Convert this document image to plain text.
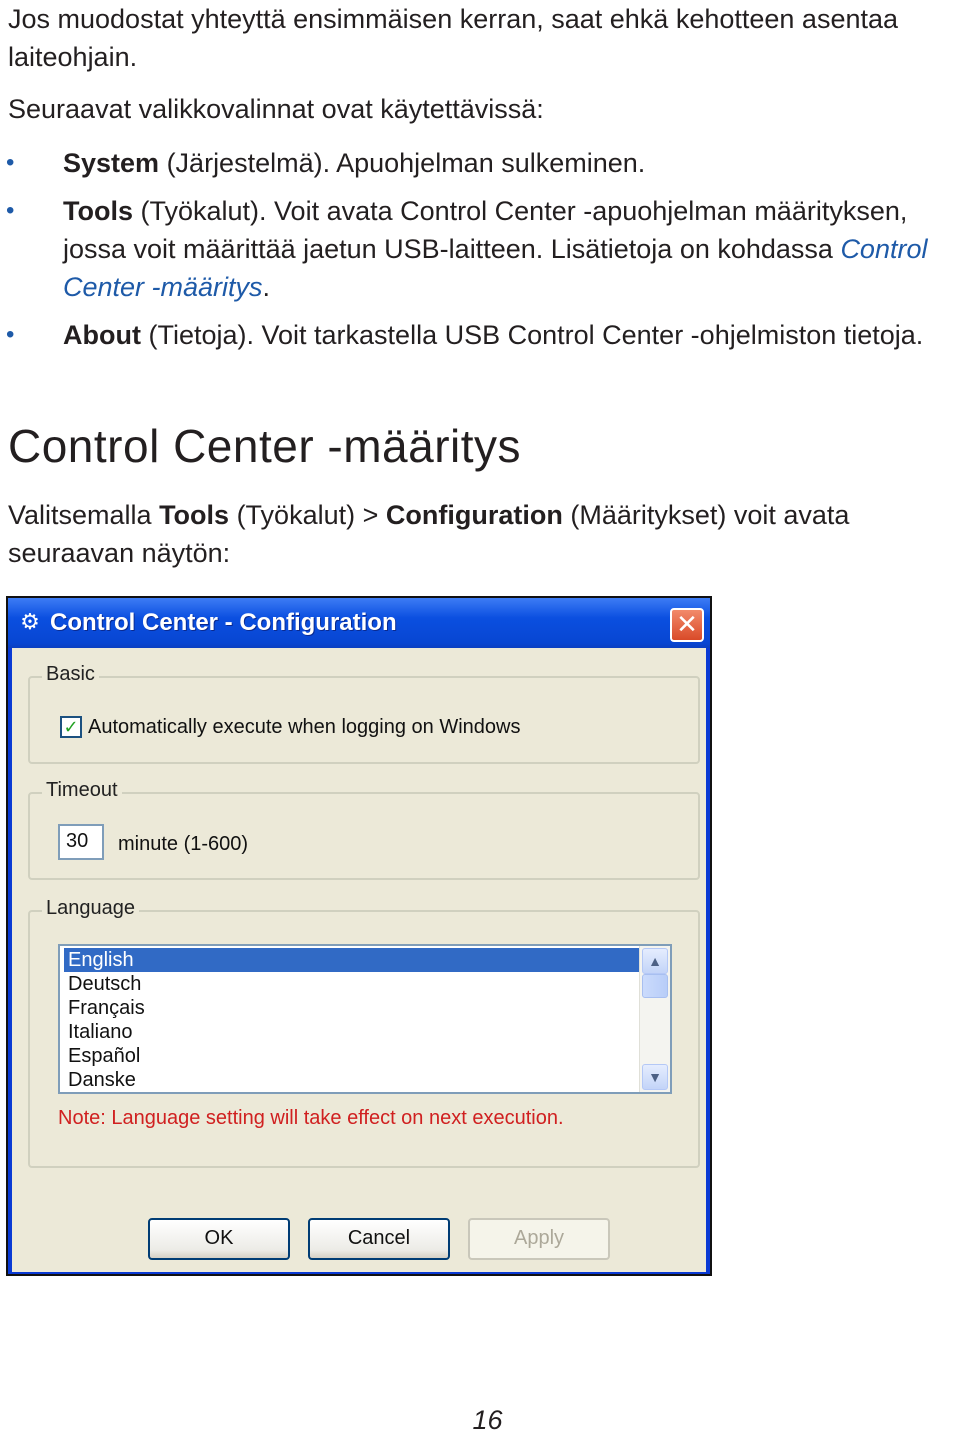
Jos muodostat yhteyttä ensimmäisen kerran, saat ehkä kehotteen asentaa laiteohjain.

Seuraavat valikkovalinnat ovat käytettävissä:

• System (Järjestelmä). Apuohjelman sulkeminen.
• Tools (Työkalut). Voit avata Control Center -apuohjelman määrityksen, jossa voit määrittää jaetun USB-laitteen. Lisätietoja on kohdassa Control Center -määritys.
• About (Tietoja). Voit tarkastella USB Control Center -ohjelmiston tietoja.
Control Center -määritys

Valitsemalla Tools (Työkalut) > Configuration (Määritykset) voit avata seuraavan näytön:

⚙ Control Center - Configuration	✕
Basic
✓ Automatically execute when logging on Windows
Timeout
30	minute (1-600)
Language
English
Deutsch
Français
Italiano
Español
Danske
▲
▼
Note: Language setting will take effect on next execution.
OK	Cancel	Apply
16
